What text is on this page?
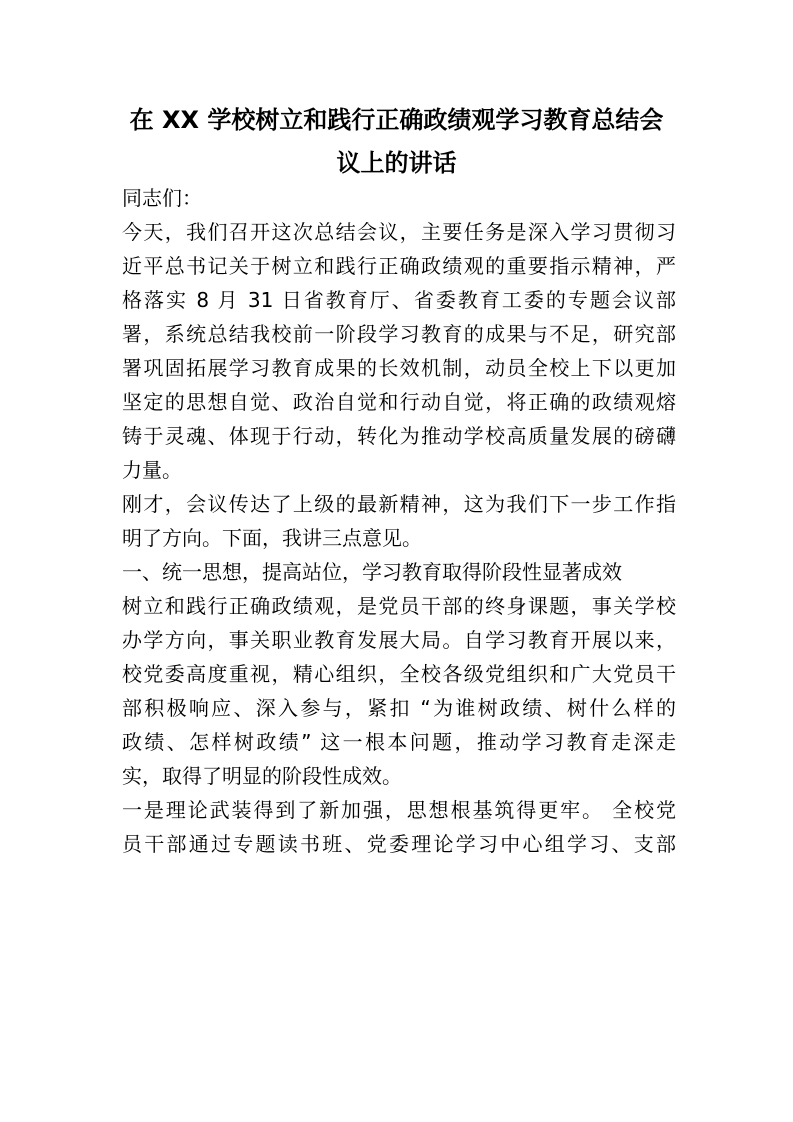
在 XX 学校树立和践行正确政绩观学习教育总结会
议上的讲话

同志们：

今天，我们召开这次总结会议，主要任务是深入学习贯彻习

近平总书记关于树立和践行正确政绩观的重要指示精神，严

格落实 8 月 31 日省教育厅、省委教育工委的专题会议部

署，系统总结我校前一阶段学习教育的成果与不足，研究部

署巩固拓展学习教育成果的长效机制，动员全校上下以更加

坚定的思想自觉、政治自觉和行动自觉，将正确的政绩观熔

铸于灵魂、体现于行动，转化为推动学校高质量发展的磅礴

力量。

刚才，会议传达了上级的最新精神，这为我们下一步工作指

明了方向。下面，我讲三点意见。

一、统一思想，提高站位，学习教育取得阶段性显著成效

树立和践行正确政绩观，是党员干部的终身课题，事关学校

办学方向，事关职业教育发展大局。自学习教育开展以来，

校党委高度重视，精心组织，全校各级党组织和广大党员干

部积极响应、深入参与，紧扣 “为谁树政绩、树什么样的

政绩、怎样树政绩” 这一根本问题，推动学习教育走深走

实，取得了明显的阶段性成效。

一是理论武装得到了新加强，思想根基筑得更牢。 全校党

员干部通过专题读书班、党委理论学习中心组学习、支部
